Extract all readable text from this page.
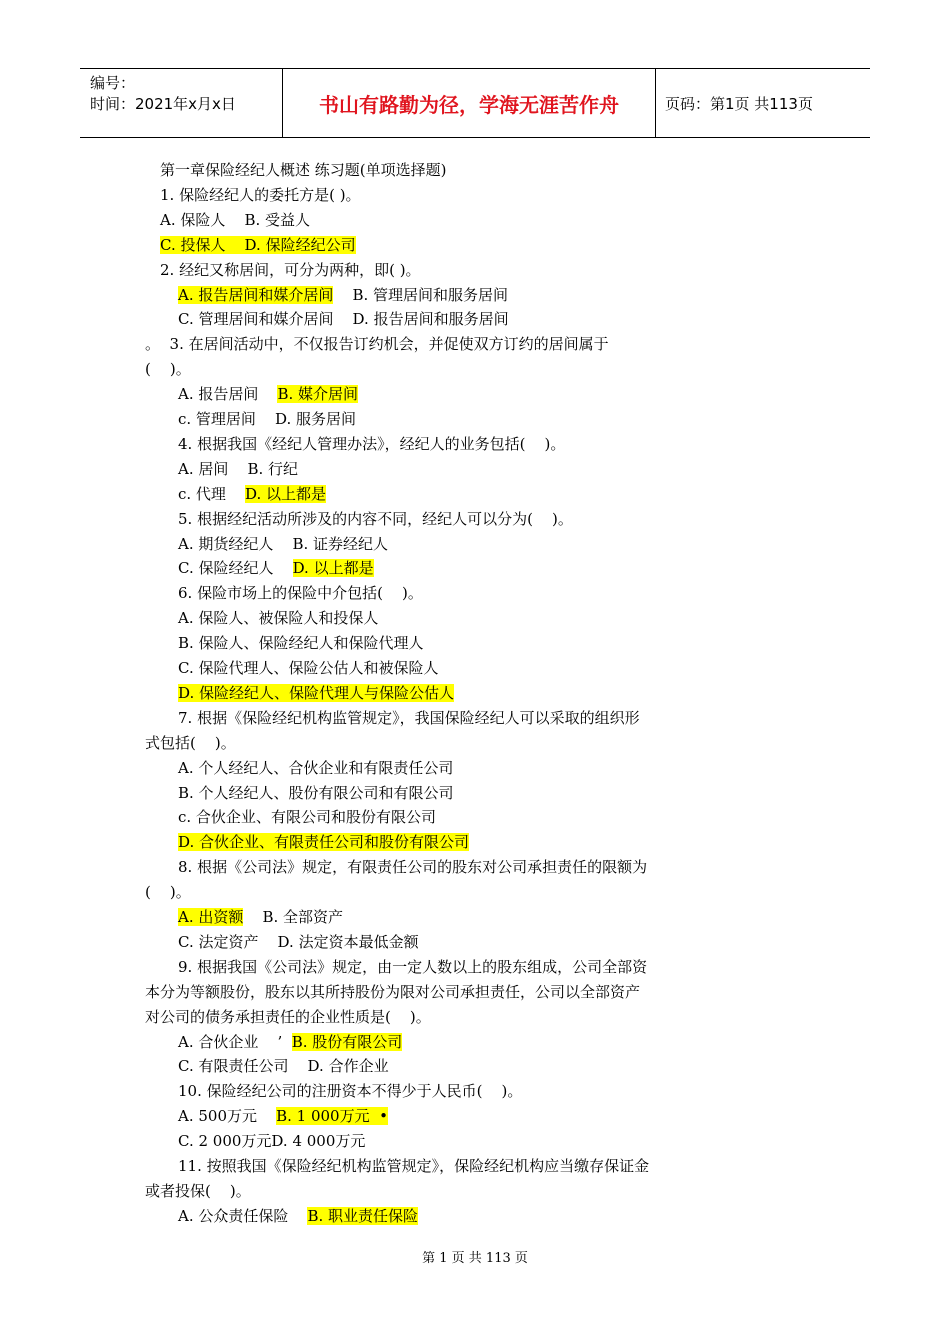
编号：
时间：2021年x月x日	书山有路勤为径，学海无涯苦作舟	页码：第1页 共113页
第一章保险经纪人概述 练习题(单项选择题)
1. 保险经纪人的委托方是( )。
A. 保险人    B. 受益人
C. 投保人    D. 保险经纪公司
2. 经纪又称居间，可分为两种，即( )。
A. 报告居间和媒介居间    B. 管理居间和服务居间
C. 管理居间和媒介居间    D. 报告居间和服务居间
。  3. 在居间活动中，不仅报告订约机会，并促使双方订约的居间属于
(    )。
A. 报告居间    B. 媒介居间
c. 管理居间    D. 服务居间
4. 根据我国《经纪人管理办法》，经纪人的业务包括(    )。
A. 居间    B. 行纪
c. 代理    D. 以上都是
5. 根据经纪活动所涉及的内容不同，经纪人可以分为(    )。
A. 期货经纪人    B. 证券经纪人
C. 保险经纪人    D. 以上都是
6. 保险市场上的保险中介包括(    )。
A. 保险人、被保险人和投保人
B. 保险人、保险经纪人和保险代理人
C. 保险代理人、保险公估人和被保险人
D. 保险经纪人、保险代理人与保险公估人
7. 根据《保险经纪机构监管规定》，我国保险经纪人可以采取的组织形
式包括(    )。
A. 个人经纪人、合伙企业和有限责任公司
B. 个人经纪人、股份有限公司和有限公司
c. 合伙企业、有限公司和股份有限公司
D. 合伙企业、有限责任公司和股份有限公司
8. 根据《公司法》规定，有限责任公司的股东对公司承担责任的限额为
(    )。
A. 出资额    B. 全部资产
C. 法定资产    D. 法定资本最低金额
9. 根据我国《公司法》规定，由一定人数以上的股东组成，公司全部资
本分为等额股份，股东以其所持股份为限对公司承担责任，公司以全部资产
对公司的债务承担责任的企业性质是(    )。
A. 合伙企业    ’  B. 股份有限公司
C. 有限责任公司    D. 合作企业
10. 保险经纪公司的注册资本不得少于人民币(    )。
A. 500万元    B. 1 000万元  •
C. 2 000万元D. 4 000万元
11. 按照我国《保险经纪机构监管规定》，保险经纪机构应当缴存保证金
或者投保(    )。
A. 公众责任保险    B. 职业责任保险
第 1 页 共 113 页
